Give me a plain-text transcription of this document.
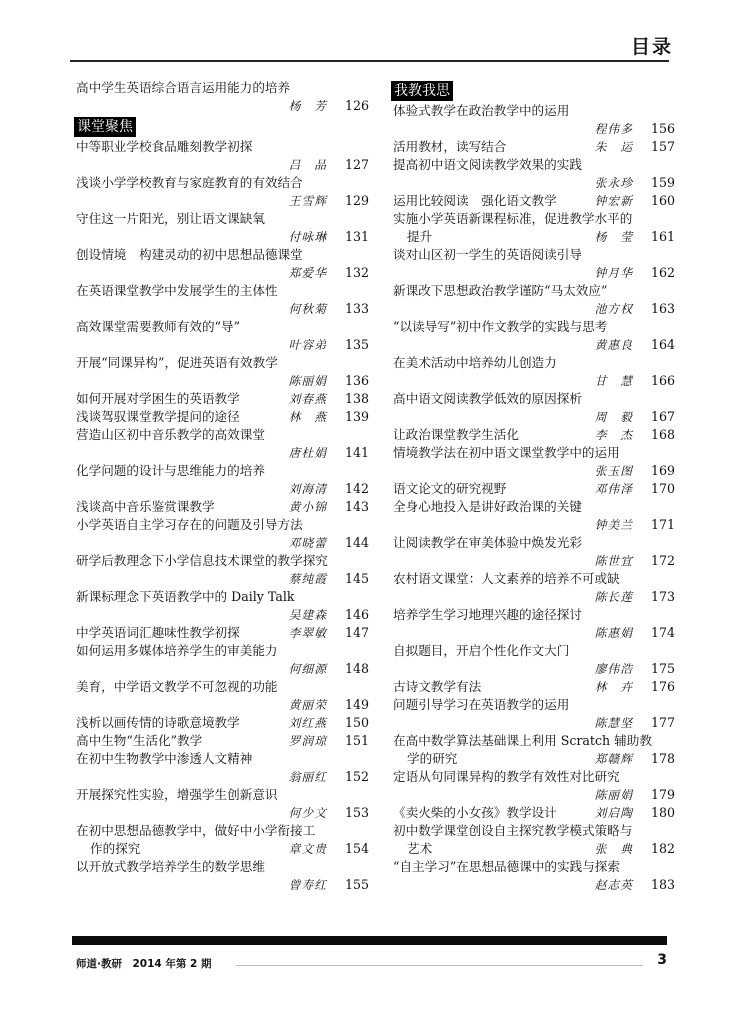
目录
高中学生英语综合语言运用能力的培养
杨　芳 126
课堂聚焦
中等职业学校食品雕刻教学初探
吕　品 127
浅谈小学学校教育与家庭教育的有效结合
王雪辉 129
守住这一片阳光，别让语文课缺氧
付咏琳 131
创设情境　构建灵动的初中思想品德课堂
郑爱华 132
在英语课堂教学中发展学生的主体性
何秋菊 133
高效课堂需要教师有效的“导”
叶容弟 135
开展“同课异构”，促进英语有效教学
陈丽娟 136
如何开展对学困生的英语教学	刘春燕 138
浅谈驾驭课堂教学提问的途径	林　燕 139
营造山区初中音乐教学的高效课堂
唐杜娟 141
化学问题的设计与思维能力的培养
刘海清 142
浅谈高中音乐鉴赏课教学	黄小锦 143
小学英语自主学习存在的问题及引导方法
邓晓蕾 144
研学后教理念下小学信息技术课堂的教学探究
蔡纯霞 145
新课标理念下英语教学中的 Daily Talk
吴建森 146
中学英语词汇趣味性教学初探	李翠敏 147
如何运用多媒体培养学生的审美能力
何细源 148
美育，中学语文教学不可忽视的功能
黄丽荣 149
浅析以画传情的诗歌意境教学	刘红燕 150
高中生物“生活化”教学	罗润琼 151
在初中生物教学中渗透人文精神
翁丽红 152
开展探究性实验，增强学生创新意识
何少文 153
在初中思想品德教学中，做好中小学衔接工
作的探究	章文贵 154
以开放式教学培养学生的数学思维
曾寿红 155
我教我思
体验式教学在政治教学中的运用
程伟多 156
活用教材，读写结合	朱　运 157
提高初中语文阅读教学效果的实践
张永珍 159
运用比较阅读　强化语文教学	钟宏新 160
实施小学英语新课程标准，促进教学水平的
提升	杨　莹 161
谈对山区初一学生的英语阅读引导
钟月华 162
新课改下思想政治教学谨防“马太效应”
池方权 163
“以读导写”初中作文教学的实践与思考
黄惠良 164
在美术活动中培养幼儿创造力
甘　慧 166
高中语文阅读教学低效的原因探析
周　毅 167
让政治课堂教学生活化	李　杰 168
情境教学法在初中语文课堂教学中的运用
张玉图 169
语文论文的研究视野	邓伟泽 170
全身心地投入是讲好政治课的关键
钟美兰 171
让阅读教学在审美体验中焕发光彩
陈世宜 172
农村语文课堂：人文素养的培养不可或缺
陈长莲 173
培养学生学习地理兴趣的途径探讨
陈惠娟 174
自拟题目，开启个性化作文大门
廖伟浩 175
古诗文教学有法	林　卉 176
问题引导学习在英语教学的运用
陈慧坚 177
在高中数学算法基础课上利用 Scratch 辅助教
学的研究	郑赣辉 178
定语从句同课异构的教学有效性对比研究
陈丽娟 179
《卖火柴的小女孩》教学设计	刘启陶 180
初中数学课堂创设自主探究教学模式策略与
艺术	张　典 182
“自主学习”在思想品德课中的实践与探索
赵志英 183
师道·教研　2014 年第 2 期	3
